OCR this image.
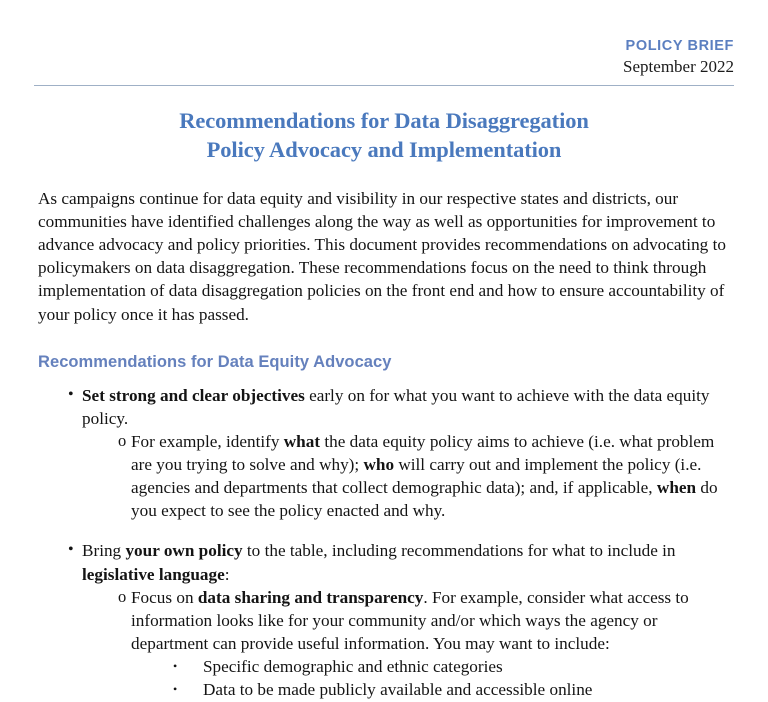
POLICY BRIEF
September 2022
Recommendations for Data Disaggregation
Policy Advocacy and Implementation

As campaigns continue for data equity and visibility in our respective states and districts, our communities have identified challenges along the way as well as opportunities for improvement to advance advocacy and policy priorities. This document provides recommendations on advocating to policymakers on data disaggregation. These recommendations focus on the need to think through implementation of data disaggregation policies on the front end and how to ensure accountability of your policy once it has passed.

Recommendations for Data Equity Advocacy
• Set strong and clear objectives early on for what you want to achieve with the data equity policy.
o For example, identify what the data equity policy aims to achieve (i.e. what problem are you trying to solve and why); who will carry out and implement the policy (i.e. agencies and departments that collect demographic data); and, if applicable, when do you expect to see the policy enacted and why.
• Bring your own policy to the table, including recommendations for what to include in legislative language:
o Focus on data sharing and transparency. For example, consider what access to information looks like for your community and/or which ways the agency or department can provide useful information. You may want to include:
• Specific demographic and ethnic categories
• Data to be made publicly available and accessible online
